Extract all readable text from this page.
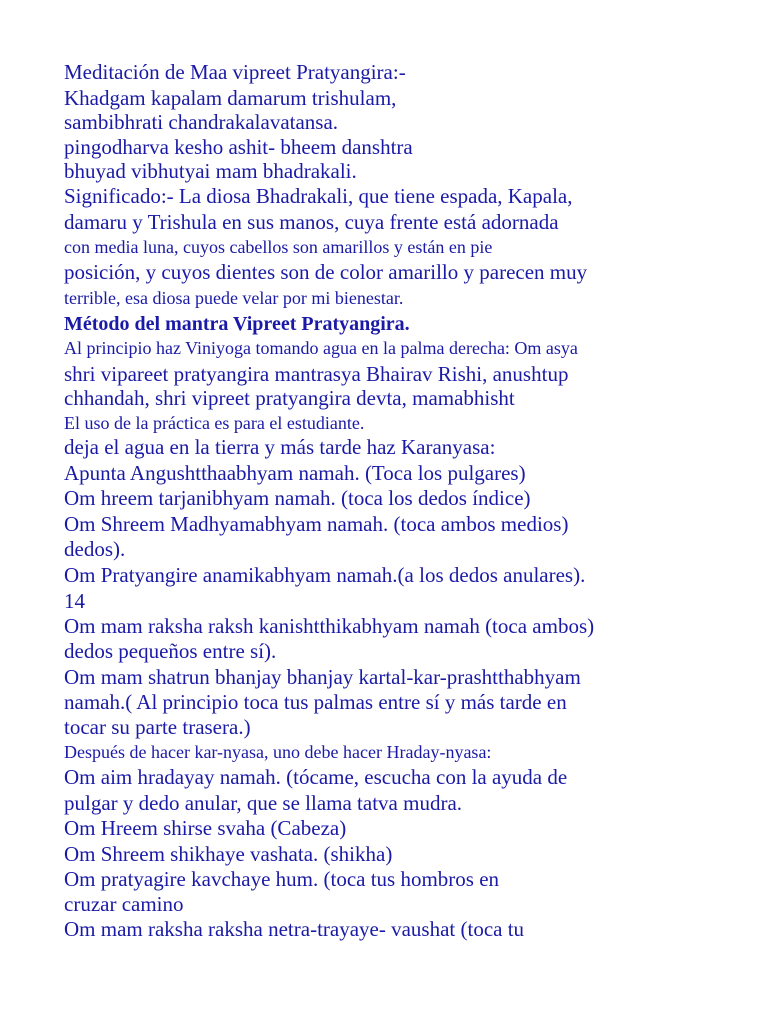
Meditación de Maa vipreet Pratyangira:-
Khadgam kapalam damarum trishulam,
sambibhrati chandrakalavatansa.
pingodharva kesho ashit- bheem danshtra
bhuyad vibhutyai mam bhadrakali.
Significado:- La diosa Bhadrakali, que tiene espada, Kapala,
damaru y Trishula en sus manos, cuya frente está adornada
con media luna, cuyos cabellos son amarillos y están en pie
posición, y cuyos dientes son de color amarillo y parecen muy
terrible, esa diosa puede velar por mi bienestar.
Método del mantra Vipreet Pratyangira.
Al principio haz Viniyoga tomando agua en la palma derecha: Om asya
shri vipareet pratyangira mantrasya Bhairav Rishi, anushtup
chhandah, shri vipreet pratyangira devta, mamabhisht
El uso de la práctica es para el estudiante.
deja el agua en la tierra y más tarde haz Karanyasa:
Apunta Angushtthaabhyam namah. (Toca los pulgares)
Om hreem tarjanibhyam namah. (toca los dedos índice)
Om Shreem Madhyamabhyam namah. (toca ambos medios)
dedos).
Om Pratyangire anamikabhyam namah.(a los dedos anulares).
14
Om mam raksha raksh kanishtthikabhyam namah (toca ambos)
dedos pequeños entre sí).
Om mam shatrun bhanjay bhanjay kartal-kar-prashtthabhyam
namah.( Al principio toca tus palmas entre sí y más tarde en
tocar su parte trasera.)
Después de hacer kar-nyasa, uno debe hacer Hraday-nyasa:
Om aim hradayay namah. (tócame, escucha con la ayuda de
pulgar y dedo anular, que se llama tatva mudra.
Om Hreem shirse svaha (Cabeza)
Om Shreem shikhaye vashata. (shikha)
Om pratyagire kavchaye hum. (toca tus hombros en
cruzar camino
Om mam raksha raksha netra-trayaye- vaushat (toca tu
